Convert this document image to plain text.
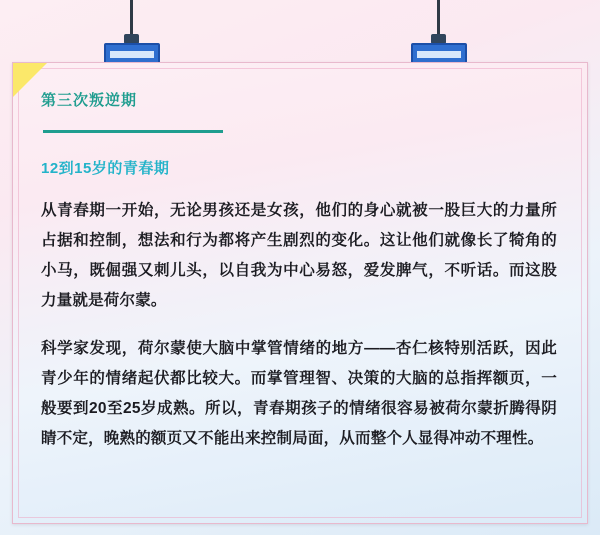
第三次叛逆期
12到15岁的青春期

从青春期一开始，无论男孩还是女孩，他们的身心就被一股巨大的力量所占据和控制，想法和行为都将产生剧烈的变化。这让他们就像长了犄角的小马，既倔强又刺儿头，以自我为中心易怒，爱发脾气，不听话。而这股力量就是荷尔蒙。

科学家发现，荷尔蒙使大脑中掌管情绪的地方——杏仁核特别活跃，因此青少年的情绪起伏都比较大。而掌管理智、决策的大脑的总指挥额页，一般要到20至25岁成熟。所以，青春期孩子的情绪很容易被荷尔蒙折腾得阴睛不定，晚熟的额页又不能出来控制局面，从而整个人显得冲动不理性。
